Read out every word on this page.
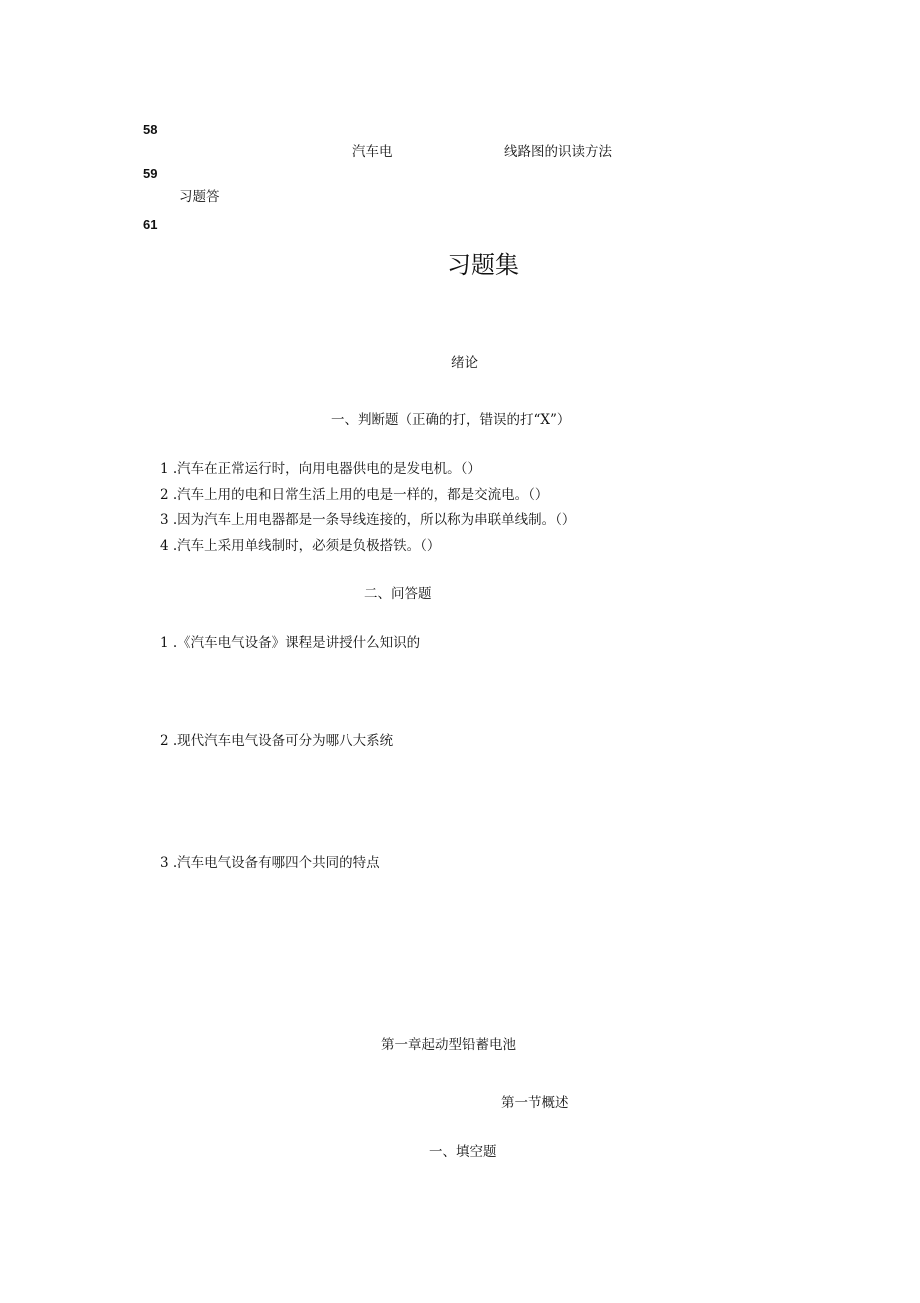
58
汽车电	线路图的识读方法
59
习题答
61
习题集
绪论
一、判断题（正确的打，错误的打“X”）
1 .汽车在正常运行时，向用电器供电的是发电机。（）
2 .汽车上用的电和日常生活上用的电是一样的，都是交流电。（）
3 .因为汽车上用电器都是一条导线连接的，所以称为串联单线制。（）
4 .汽车上采用单线制时，必须是负极搭铁。（）
二、问答题
1 .《汽车电气设备》课程是讲授什么知识的
2 .现代汽车电气设备可分为哪八大系统
3 .汽车电气设备有哪四个共同的特点
第一章起动型铅蓄电池
第一节概述
一、填空题
